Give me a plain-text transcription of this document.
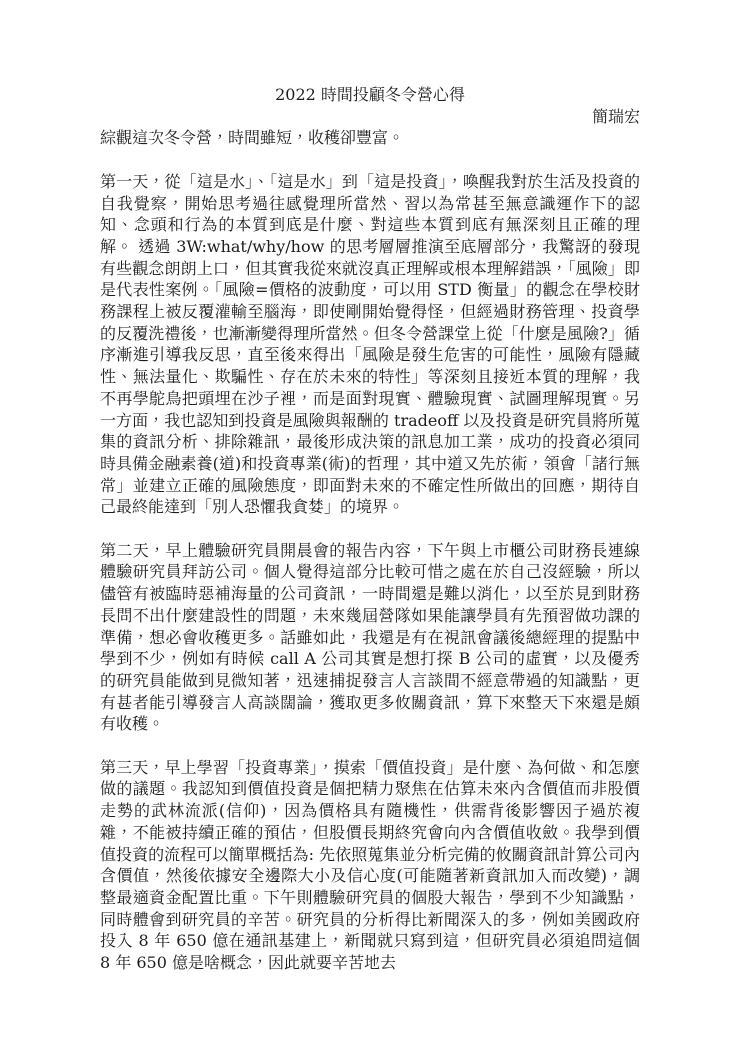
2022 時間投顧冬令營心得
簡瑞宏

綜觀這次冬令營，時間雖短，收穫卻豐富。

第一天，從「這是水」、「這是水」到「這是投資」，喚醒我對於生活及投資的自我覺察，開始思考過往感覺理所當然、習以為常甚至無意識運作下的認知、念頭和行為的本質到底是什麼、對這些本質到底有無深刻且正確的理解。 透過 3W:what/why/how 的思考層層推演至底層部分，我驚訝的發現有些觀念朗朗上口，但其實我從來就沒真正理解或根本理解錯誤，「風險」即是代表性案例。「風險=價格的波動度，可以用 STD 衡量」的觀念在學校財務課程上被反覆灌輸至腦海，即使剛開始覺得怪，但經過財務管理、投資學的反覆洗禮後，也漸漸變得理所當然。但冬令營課堂上從「什麼是風險?」循序漸進引導我反思，直至後來得出「風險是發生危害的可能性，風險有隱藏性、無法量化、欺騙性、存在於未來的特性」等深刻且接近本質的理解，我不再學鴕鳥把頭埋在沙子裡，而是面對現實、體驗現實、試圖理解現實。另一方面，我也認知到投資是風險與報酬的 tradeoff 以及投資是研究員將所蒐集的資訊分析、排除雜訊，最後形成決策的訊息加工業，成功的投資必須同時具備金融素養(道)和投資專業(術)的哲理，其中道又先於術，領會「諸行無常」並建立正確的風險態度，即面對未來的不確定性所做出的回應，期待自己最終能達到「別人恐懼我貪婪」的境界。

第二天，早上體驗研究員開晨會的報告內容，下午與上市櫃公司財務長連線體驗研究員拜訪公司。個人覺得這部分比較可惜之處在於自己沒經驗，所以儘管有被臨時惡補海量的公司資訊，一時間還是難以消化，以至於見到財務長問不出什麼建設性的問題，未來幾屆營隊如果能讓學員有先預習做功課的準備，想必會收穫更多。話雖如此，我還是有在視訊會議後總經理的提點中學到不少，例如有時候 call A 公司其實是想打探 B 公司的虛實，以及優秀的研究員能做到見微知著，迅速捕捉發言人言談間不經意帶過的知識點，更有甚者能引導發言人高談闊論，獲取更多攸關資訊，算下來整天下來還是頗有收穫。

第三天，早上學習「投資專業」，摸索「價值投資」是什麼、為何做、和怎麼做的議題。我認知到價值投資是個把精力聚焦在估算未來內含價值而非股價走勢的武林流派(信仰)，因為價格具有隨機性，供需背後影響因子過於複雜，不能被持續正確的預估，但股價長期終究會向內含價值收斂。我學到價值投資的流程可以簡單概括為: 先依照蒐集並分析完備的攸關資訊計算公司內含價值，然後依據安全邊際大小及信心度(可能隨著新資訊加入而改變)，調整最適資金配置比重。下午則體驗研究員的個股大報告，學到不少知識點，同時體會到研究員的辛苦。研究員的分析得比新聞深入的多，例如美國政府投入 8 年 650 億在通訊基建上，新聞就只寫到這，但研究員必須追問這個 8 年 650 億是啥概念，因此就要辛苦地去
